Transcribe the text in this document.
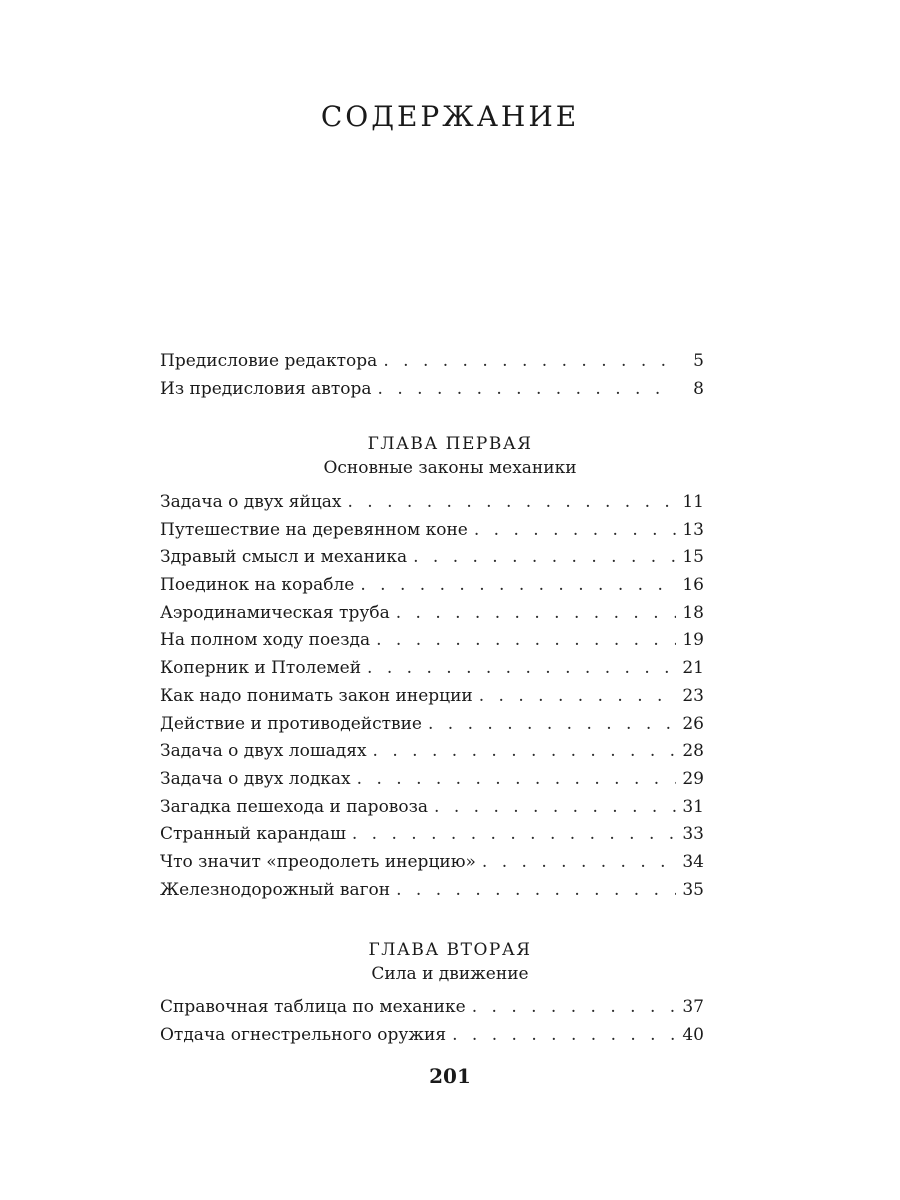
СОДЕРЖАНИЕ
Предисловие редактора . . .	5
Из предисловия автора . . .	8
ГЛАВА ПЕРВАЯ
Основные законы механики
Задача о двух яйцах . . .	11
Путешествие на деревянном коне . . .	13
Здравый смысл и механика . . .	15
Поединок на корабле . . .	16
Аэродинамическая труба . . .	18
На полном ходу поезда . . .	19
Коперник и Птолемей . . .	21
Как надо понимать закон инерции . . .	23
Действие и противодействие . . .	26
Задача о двух лошадях . . .	28
Задача о двух лодках . . .	29
Загадка пешехода и паровоза . . .	31
Странный карандаш . . .	33
Что значит «преодолеть инерцию» . . .	34
Железнодорожный вагон . . .	35
ГЛАВА ВТОРАЯ
Сила и движение
Справочная таблица по механике . . .	37
Отдача огнестрельного оружия . . .	40
201
